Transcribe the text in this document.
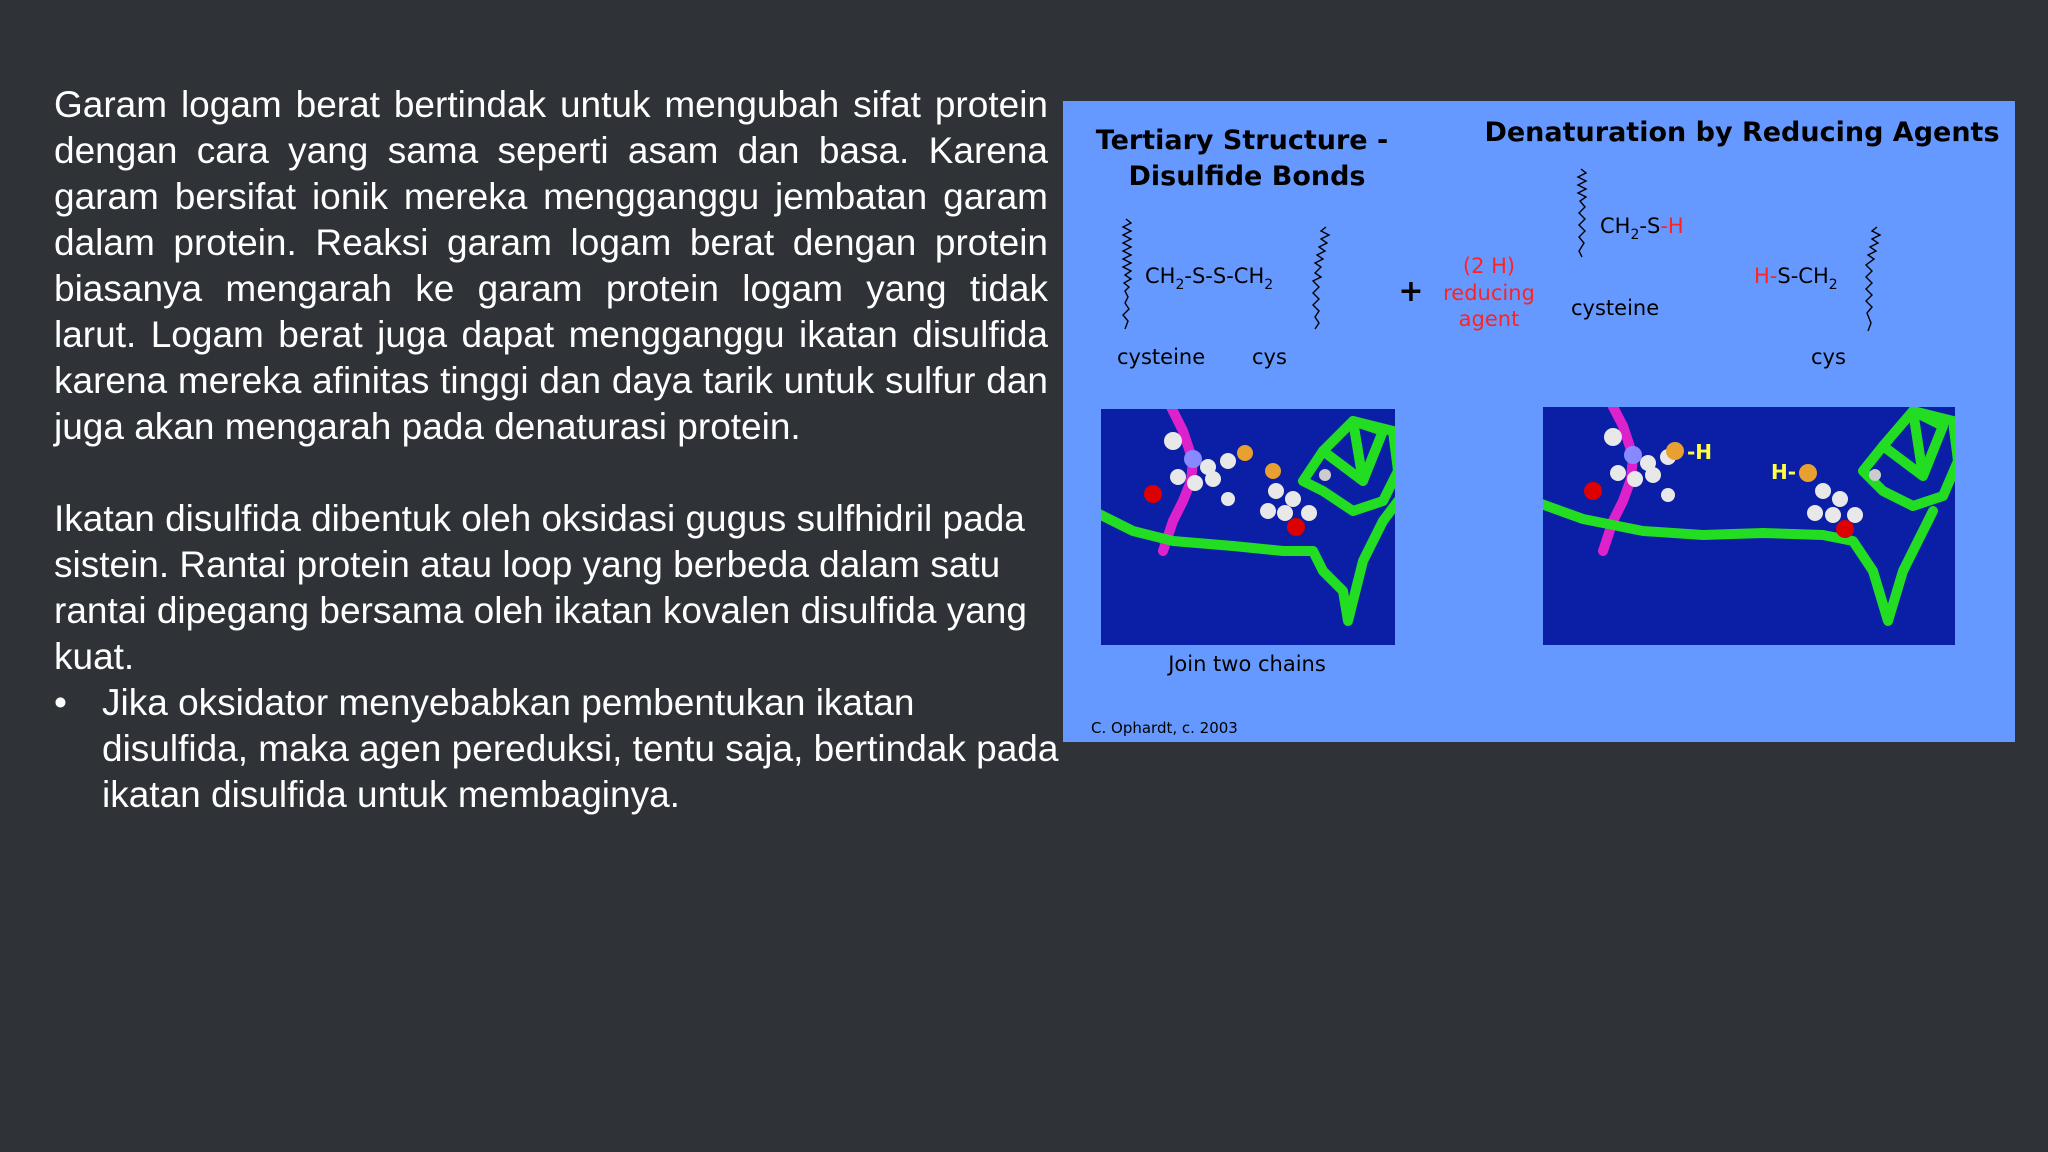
Garam logam berat bertindak untuk mengubah sifat protein dengan cara yang sama seperti asam dan basa. Karena garam bersifat ionik mereka mengganggu jembatan garam dalam protein. Reaksi garam logam berat dengan protein biasanya mengarah ke garam protein logam yang tidak larut. Logam berat juga dapat mengganggu ikatan disulfida karena mereka afinitas tinggi dan daya tarik untuk sulfur dan juga akan mengarah pada denaturasi protein.

Ikatan disulfida dibentuk oleh oksidasi gugus sulfhidril pada sistein. Rantai protein atau loop yang berbeda dalam satu rantai dipegang bersama oleh ikatan kovalen disulfida yang kuat.

• Jika oksidator menyebabkan pembentukan ikatan disulfida, maka agen pereduksi, tentu saja, bertindak pada ikatan disulfida untuk membaginya.

Tertiary Structure -
Disulfide Bonds
Denaturation by Reducing Agents
$CH_2-S-S-CH_2$
cysteine cys
+
(2 H)
reducing
agent
$CH_2-S-H$
cysteine
$H-S-CH_2$
cys
Join two chains
-H
H-
C. Ophardt, c. 2003
